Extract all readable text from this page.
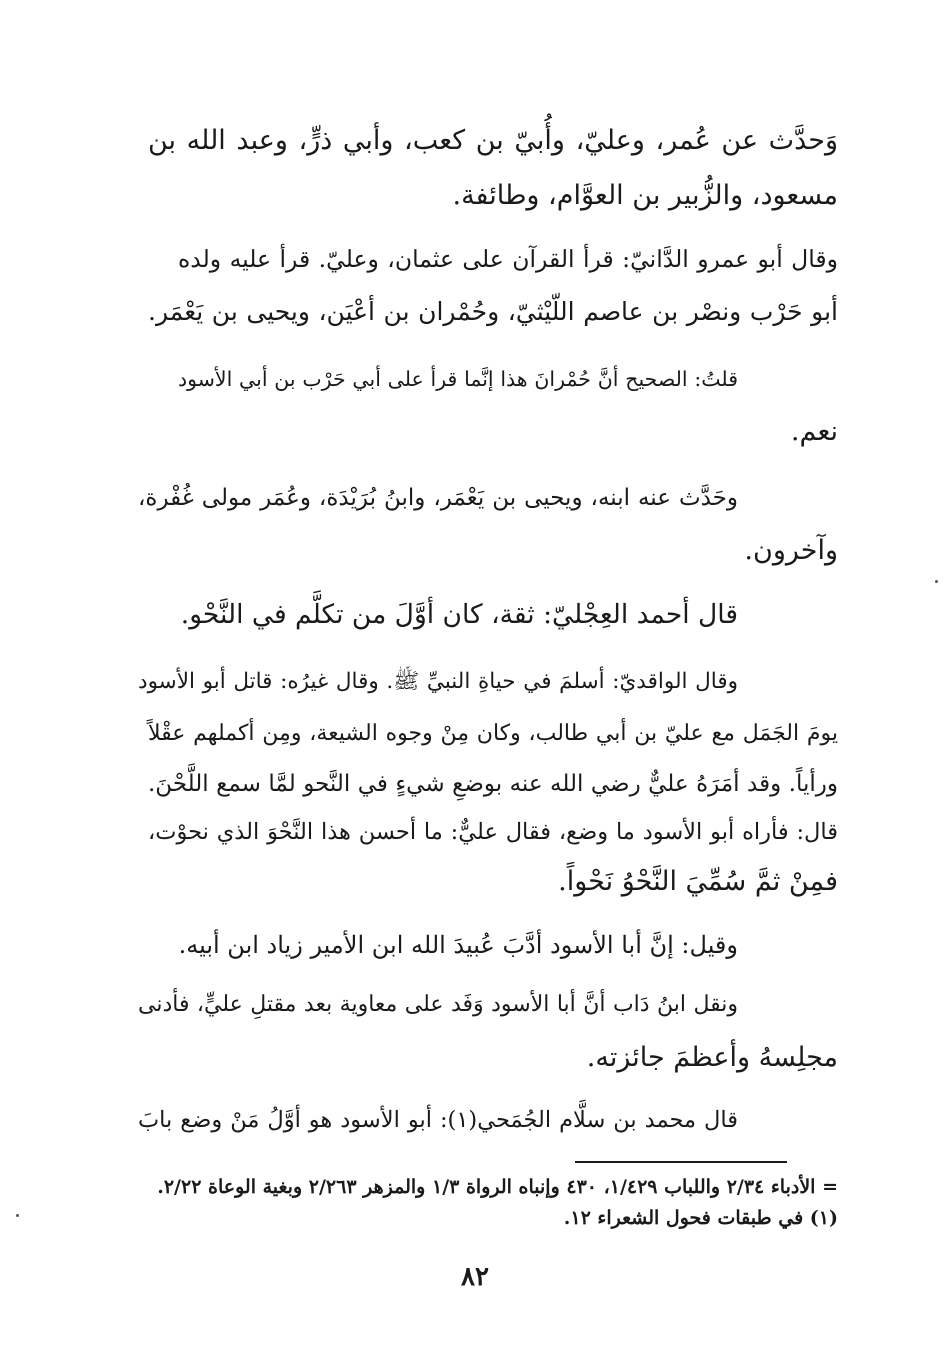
وَحدَّث عن عُمر، وعليّ، وأُبيّ بن كعب، وأبي ذرٍّ، وعبد الله بن
مسعود، والزُّبير بن العوَّام، وطائفة.
وقال أبو عمرو الدَّانيّ: قرأ القرآن على عثمان، وعليّ. قرأ عليه ولده
أبو حَرْب ونصْر بن عاصم اللّيْثيّ، وحُمْران بن أعْيَن، ويحيى بن يَعْمَر.
قلتُ: الصحيح أنَّ حُمْرانَ هذا إنَّما قرأ على أبي حَرْب بن أبي الأسود
نعم.
وحَدَّث عنه ابنه، ويحيى بن يَعْمَر، وابنُ بُرَيْدَة، وعُمَر مولى غُفْرة،
وآخرون.
قال أحمد العِجْليّ: ثقة، كان أوَّلَ من تكلَّم في النَّحْو.
وقال الواقديّ: أسلمَ في حياةِ النبيِّ ﷺ. وقال غيرُه: قاتل أبو الأسود
يومَ الجَمَل مع عليّ بن أبي طالب، وكان مِنْ وجوه الشيعة، ومِن أكملهم عقْلاً
ورأياً. وقد أمَرَهُ عليٌّ رضي الله عنه بوضعِ شيءٍ في النَّحو لمَّا سمع اللَّحْنَ.
قال: فأراه أبو الأسود ما وضع، فقال عليٌّ: ما أحسن هذا النَّحْوَ الذي نحوْت،
فمِنْ ثمَّ سُمِّيَ النَّحْوُ نَحْواً.
وقيل: إنَّ أبا الأسود أدَّبَ عُبيدَ الله ابن الأمير زياد ابن أبيه.
ونقل ابنُ دَاب أنَّ أبا الأسود وَفَد على معاوية بعد مقتلِ عليٍّ، فأدنى
مجلِسهُ وأعظمَ جائزته.
قال محمد بن سلَّام الجُمَحي(١): أبو الأسود هو أوَّلُ مَنْ وضع بابَ
= الأدباء ٢/٣٤ واللباب ١/٤٢٩، ٤٣٠ وإنباه الرواة ١/٣ والمزهر ٢/٢٦٣ وبغية الوعاة ٢/٢٢.
(١) في طبقات فحول الشعراء ١٢.
٨٢
